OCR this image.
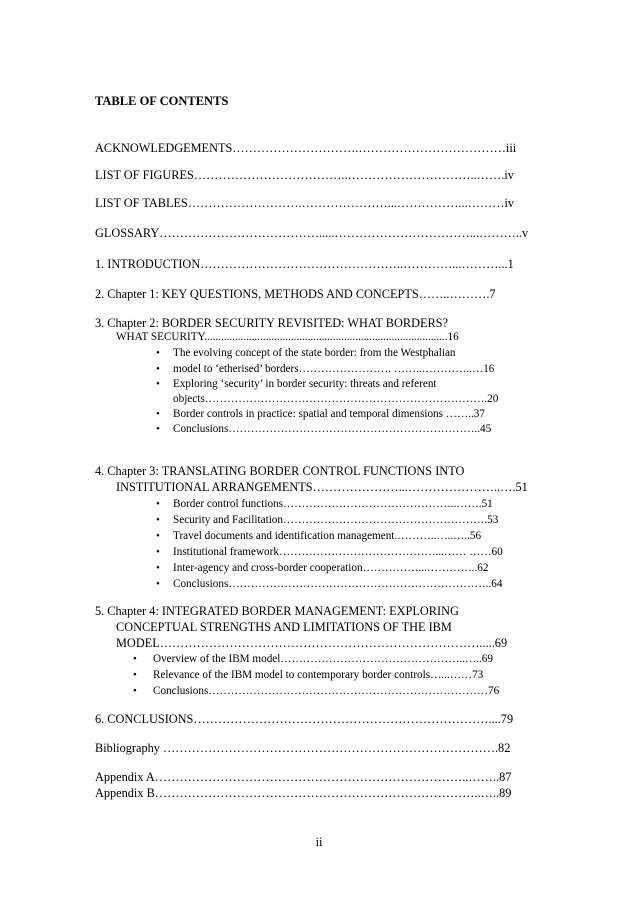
TABLE OF CONTENTS
ACKNOWLEDGEMENTS………………………….………………………………iii
LIST OF FIGURES………………………………..…………………………..…….iv
LIST OF TABLES……………………….…………………...……………...………iv
GLOSSARY………………………………….....……………………………...………..v
1. INTRODUCTION…………………………………………..…………...………...1
2. Chapter 1: KEY QUESTIONS, METHODS AND CONCEPTS……..……….7
3. Chapter 2: BORDER SECURITY REVISITED: WHAT BORDERS?
WHAT SECURITY.......................................................................................16
• The evolving concept of the state border: from the Westphalian
• model to ‘etherised’ borders……………………. ……..…………..…16
• Exploring ‘security’ in border security: threats and referent
objects………………………………………………………………….20
• Border controls in practice: spatial and temporal dimensions ……..37
• Conclusions…………………………………………………………..45
4. Chapter 3: TRANSLATING BORDER CONTROL FUNCTIONS INTO
INSTITUTIONAL ARRANGEMENTS…………………...…………………..….51
• Border control functions………………………………………..…….51
• Security and Facilitation……………………………………………….53
• Travel documents and identification management.………..…..…..56
• Institutional framework……………………………………...…… ……60
• Inter-agency and cross-border cooperation……………...…………..62
• Conclusions……………………………………………………………..64
5. Chapter 4: INTEGRATED BORDER MANAGEMENT: EXPLORING
CONCEPTUAL STRENGTHS AND LIMITATIONS OF THE IBM
MODEL…………………………………………………………………….....69
• Overview of the IBM model…………………………………………..…..69
• Relevance of the IBM model to contemporary border controls…...……73
• Conclusions…………………………………………………………………76
6. CONCLUSIONS………………………………………………………………....79
Bibliography ……………………………………………………………………….82
Appendix A…………………………………………………………………..……..87
Appendix B……………………………………………………………………..…..89
ii
